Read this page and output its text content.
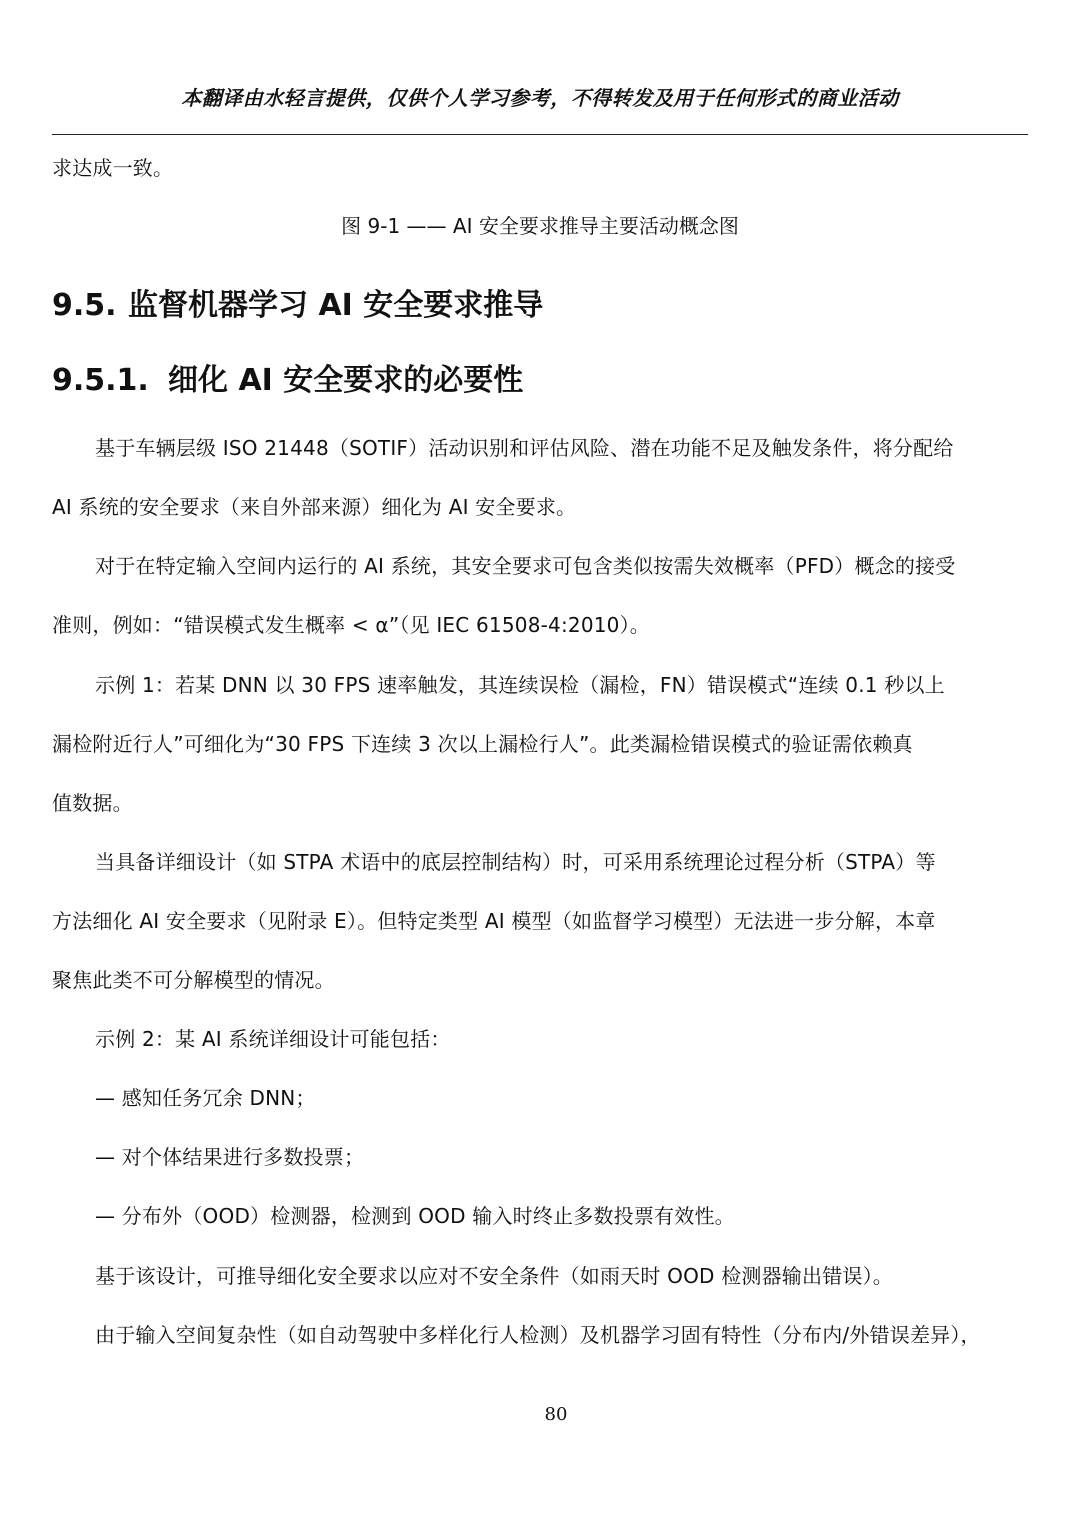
本翻译由水轻言提供，仅供个人学习参考，不得转发及用于任何形式的商业活动
求达成一致。
图 9-1 —— AI 安全要求推导主要活动概念图
9.5. 监督机器学习 AI 安全要求推导
9.5.1. 细化 AI 安全要求的必要性
基于车辆层级 ISO 21448（SOTIF）活动识别和评估风险、潜在功能不足及触发条件，将分配给
AI 系统的安全要求（来自外部来源）细化为 AI 安全要求。
对于在特定输入空间内运行的 AI 系统，其安全要求可包含类似按需失效概率（PFD）概念的接受
准则，例如：“错误模式发生概率 < α”（见 IEC 61508-4:2010）。
示例 1：若某 DNN 以 30 FPS 速率触发，其连续误检（漏检，FN）错误模式“连续 0.1 秒以上
漏检附近行人”可细化为“30 FPS 下连续 3 次以上漏检行人”。此类漏检错误模式的验证需依赖真
值数据。
当具备详细设计（如 STPA 术语中的底层控制结构）时，可采用系统理论过程分析（STPA）等
方法细化 AI 安全要求（见附录 E）。但特定类型 AI 模型（如监督学习模型）无法进一步分解，本章
聚焦此类不可分解模型的情况。
示例 2：某 AI 系统详细设计可能包括：
— 感知任务冗余 DNN；
— 对个体结果进行多数投票；
— 分布外（OOD）检测器，检测到 OOD 输入时终止多数投票有效性。
基于该设计，可推导细化安全要求以应对不安全条件（如雨天时 OOD 检测器输出错误）。
由于输入空间复杂性（如自动驾驶中多样化行人检测）及机器学习固有特性（分布内/外错误差异），
80
